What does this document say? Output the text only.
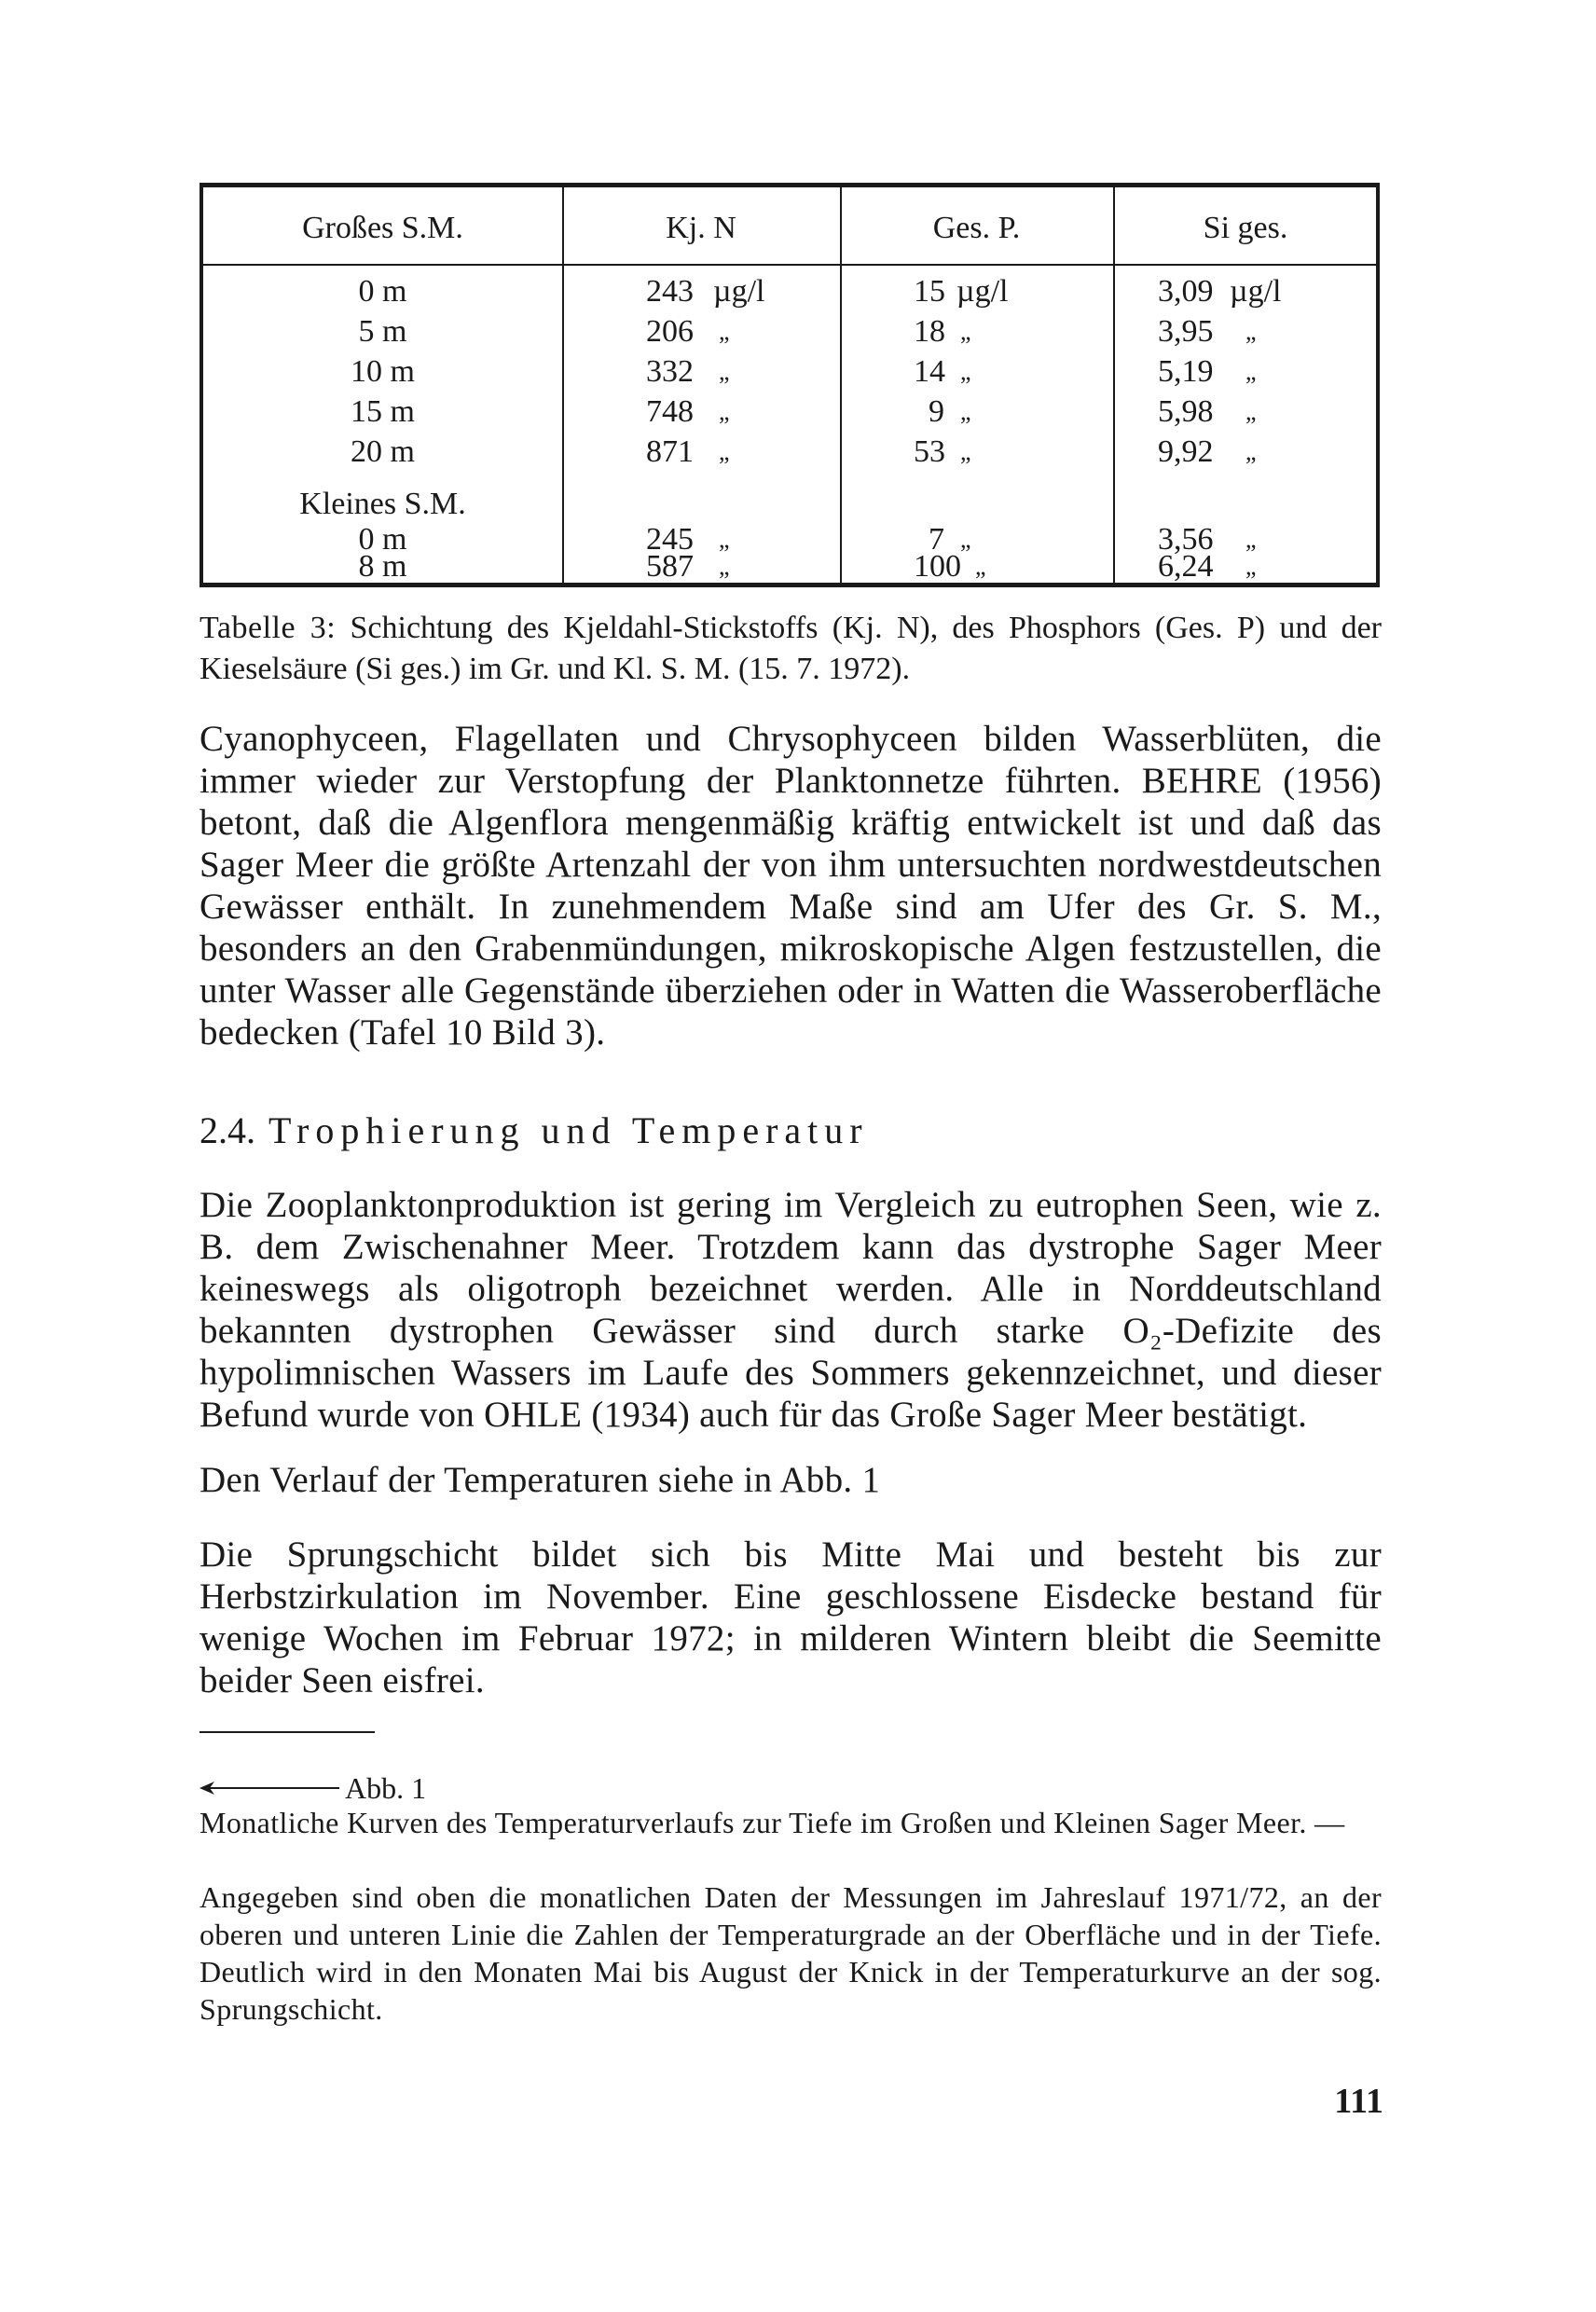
Großes S.M.	Kj. N	Ges. P.	Si ges.
0 m	243 µg/l	15 µg/l	3,09 µg/l
5 m	206 „	18 „	3,95 „
10 m	332 „	14 „	5,19 „
15 m	748 „	9 „	5,98 „
20 m	871 „	53 „	9,92 „
Kleines S.M.
0 m	245 „	7 „	3,56 „
8 m	587 „	100 „	6,24 „
Tabelle 3: Schichtung des Kjeldahl-Stickstoffs (Kj. N), des Phosphors (Ges. P) und der Kieselsäure (Si ges.) im Gr. und Kl. S. M. (15. 7. 1972).
Cyanophyceen, Flagellaten und Chrysophyceen bilden Wasserblüten, die immer wieder zur Verstopfung der Planktonnetze führten. BEHRE (1956) betont, daß die Algenflora mengenmäßig kräftig entwickelt ist und daß das Sager Meer die größte Artenzahl der von ihm untersuchten nordwestdeutschen Gewässer enthält. In zunehmendem Maße sind am Ufer des Gr. S. M., besonders an den Grabenmündungen, mikroskopische Algen festzustellen, die unter Wasser alle Gegenstände überziehen oder in Watten die Wasseroberfläche bedecken (Tafel 10 Bild 3).
2.4. Trophierung und Temperatur
Die Zooplanktonproduktion ist gering im Vergleich zu eutrophen Seen, wie z. B. dem Zwischenahner Meer. Trotzdem kann das dystrophe Sager Meer keineswegs als oligotroph bezeichnet werden. Alle in Norddeutschland bekannten dystrophen Gewässer sind durch starke O₂-Defizite des hypolimnischen Wassers im Laufe des Sommers gekennzeichnet, und dieser Befund wurde von OHLE (1934) auch für das Große Sager Meer bestätigt.
Den Verlauf der Temperaturen siehe in Abb. 1
Die Sprungschicht bildet sich bis Mitte Mai und besteht bis zur Herbstzirkulation im November. Eine geschlossene Eisdecke bestand für wenige Wochen im Februar 1972; in milderen Wintern bleibt die Seemitte beider Seen eisfrei.
Abb. 1
Monatliche Kurven des Temperaturverlaufs zur Tiefe im Großen und Kleinen Sager Meer. —
Angegeben sind oben die monatlichen Daten der Messungen im Jahreslauf 1971/72, an der oberen und unteren Linie die Zahlen der Temperaturgrade an der Oberfläche und in der Tiefe. Deutlich wird in den Monaten Mai bis August der Knick in der Temperaturkurve an der sog. Sprungschicht.
111
